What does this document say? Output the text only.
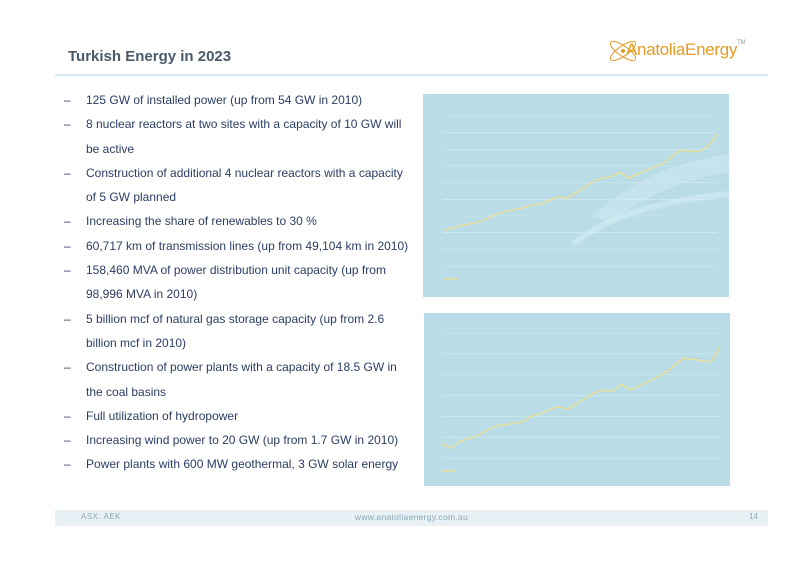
Turkish Energy in 2023	AnatoliaEnergy™
– 125 GW of installed power (up from 54 GW in 2010)
– 8 nuclear reactors at two sites with a capacity of 10 GW will be active
– Construction of additional 4 nuclear reactors with a capacity of 5 GW planned
– Increasing the share of renewables to 30 %
– 60,717 km of transmission lines (up from 49,104 km in 2010)
– 158,460 MVA of power distribution unit capacity (up from 98,996 MVA in 2010)
– 5 billion mcf of natural gas storage capacity (up from 2.6 billion mcf in 2010)
– Construction of power plants with a capacity of 18.5 GW in the coal basins
– Full utilization of hydropower
– Increasing wind power to 20 GW (up from 1.7 GW in 2010)
– Power plants with 600 MW geothermal, 3 GW solar energy
ASX: AEK	www.anatoliaenergy.com.au	14
